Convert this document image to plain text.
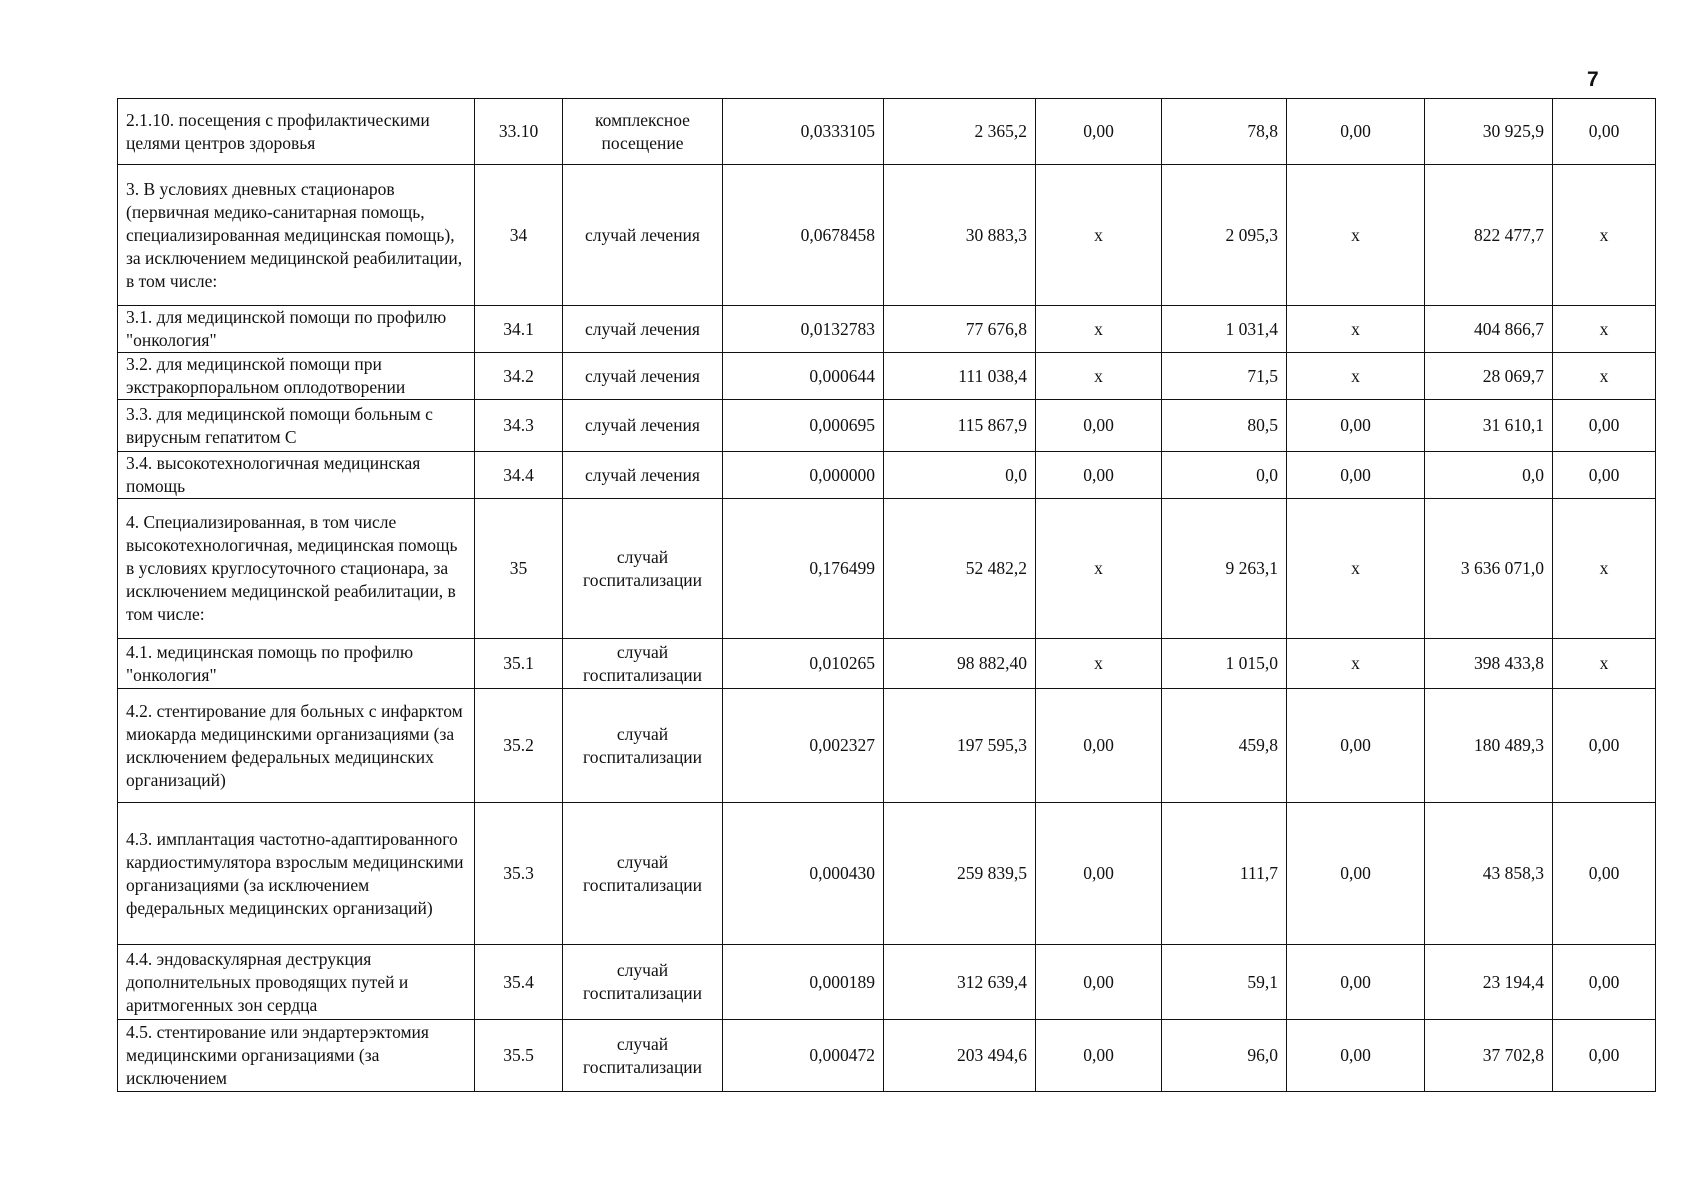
7
2.1.10. посещения с профилактическими целями центров здоровья	33.10	комплексное посещение	0,0333105	2 365,2	0,00	78,8	0,00	30 925,9	0,00
3. В условиях дневных стационаров (первичная медико-санитарная помощь, специализированная медицинская помощь), за исключением медицинской реабилитации, в том числе:	34	случай лечения	0,0678458	30 883,3	х	2 095,3	х	822 477,7	х
3.1. для медицинской помощи по профилю "онкология"	34.1	случай лечения	0,0132783	77 676,8	х	1 031,4	х	404 866,7	х
3.2. для медицинской помощи при экстракорпоральном оплодотворении	34.2	случай лечения	0,000644	111 038,4	х	71,5	х	28 069,7	х
3.3. для медицинской помощи больным с вирусным гепатитом С	34.3	случай лечения	0,000695	115 867,9	0,00	80,5	0,00	31 610,1	0,00
3.4. высокотехнологичная медицинская помощь	34.4	случай лечения	0,000000	0,0	0,00	0,0	0,00	0,0	0,00
4. Специализированная, в том числе высокотехнологичная, медицинская помощь в условиях круглосуточного стационара, за исключением медицинской реабилитации, в том числе:	35	случай госпитализации	0,176499	52 482,2	х	9 263,1	х	3 636 071,0	х
4.1. медицинская помощь по профилю "онкология"	35.1	случай госпитализации	0,010265	98 882,40	х	1 015,0	х	398 433,8	х
4.2. стентирование для больных с инфарктом миокарда медицинскими организациями (за исключением федеральных медицинских организаций)	35.2	случай госпитализации	0,002327	197 595,3	0,00	459,8	0,00	180 489,3	0,00
4.3. имплантация частотно-адаптированного кардиостимулятора взрослым медицинскими организациями (за исключением федеральных медицинских организаций)	35.3	случай госпитализации	0,000430	259 839,5	0,00	111,7	0,00	43 858,3	0,00
4.4. эндоваскулярная деструкция дополнительных проводящих путей и аритмогенных зон сердца	35.4	случай госпитализации	0,000189	312 639,4	0,00	59,1	0,00	23 194,4	0,00
4.5. стентирование или эндартерэктомия медицинскими организациями (за исключением	35.5	случай госпитализации	0,000472	203 494,6	0,00	96,0	0,00	37 702,8	0,00
